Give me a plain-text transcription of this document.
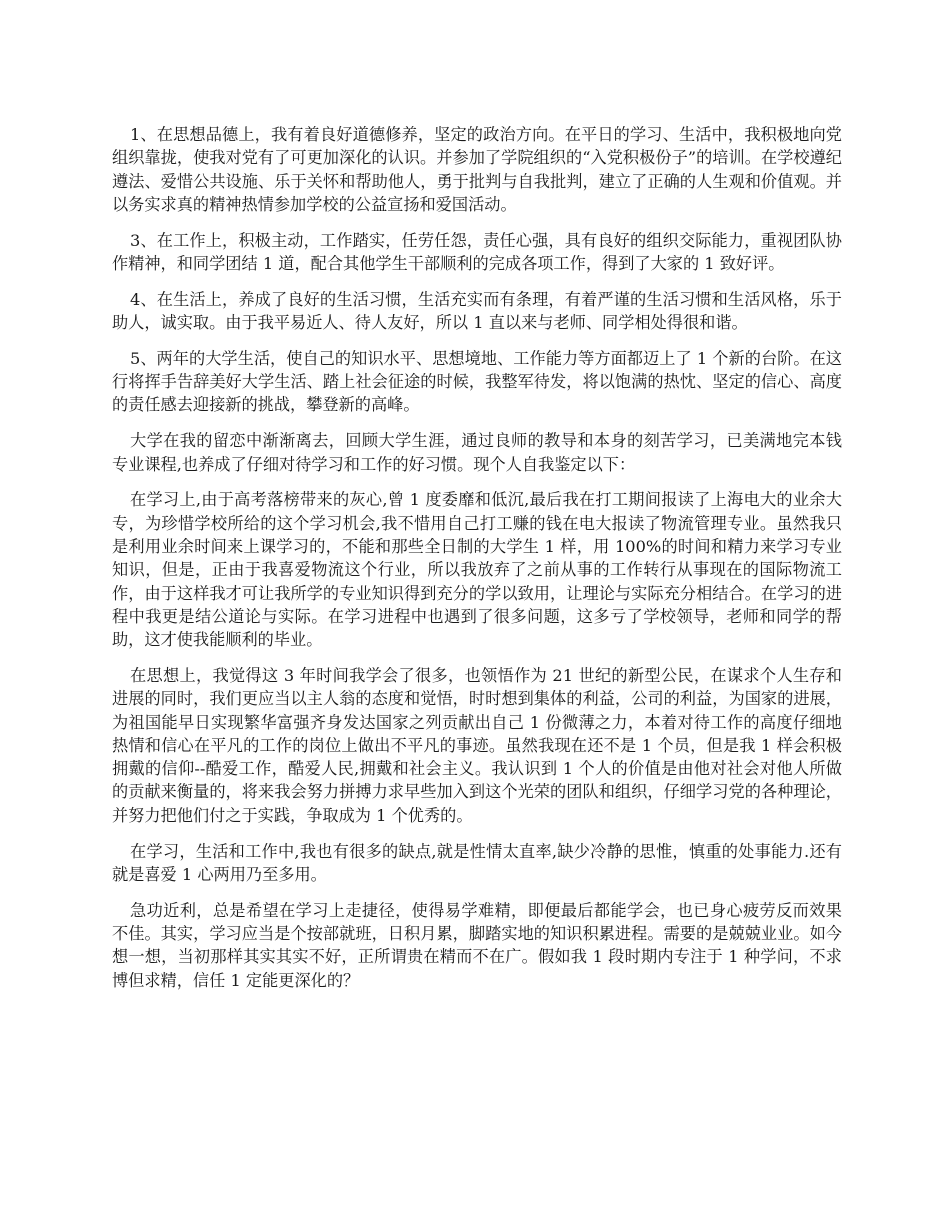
1、在思想品德上，我有着良好道德修养，坚定的政治方向。在平日的学习、生活中，我积极地向党组织靠拢，使我对党有了可更加深化的认识。并参加了学院组织的“入党积极份子”的培训。在学校遵纪遵法、爱惜公共设施、乐于关怀和帮助他人，勇于批判与自我批判，建立了正确的人生观和价值观。并以务实求真的精神热情参加学校的公益宣扬和爱国活动。

3、在工作上，积极主动，工作踏实，任劳任怨，责任心强，具有良好的组织交际能力，重视团队协作精神，和同学团结 1 道，配合其他学生干部顺利的完成各项工作，得到了大家的 1 致好评。

4、在生活上，养成了良好的生活习惯，生活充实而有条理，有着严谨的生活习惯和生活风格，乐于助人，诚实取。由于我平易近人、待人友好，所以 1 直以来与老师、同学相处得很和谐。

5、两年的大学生活，使自己的知识水平、思想境地、工作能力等方面都迈上了 1 个新的台阶。在这行将挥手告辞美好大学生活、踏上社会征途的时候，我整军待发，将以饱满的热忱、坚定的信心、高度的责任感去迎接新的挑战，攀登新的高峰。

大学在我的留恋中渐渐离去，回顾大学生涯，通过良师的教导和本身的刻苦学习，已美满地完本钱专业课程,也养成了仔细对待学习和工作的好习惯。现个人自我鉴定以下：

在学习上,由于高考落榜带来的灰心,曾 1 度委靡和低沉,最后我在打工期间报读了上海电大的业余大专，为珍惜学校所给的这个学习机会,我不惜用自己打工赚的钱在电大报读了物流管理专业。虽然我只是利用业余时间来上课学习的，不能和那些全日制的大学生 1 样，用 100%的时间和精力来学习专业知识，但是，正由于我喜爱物流这个行业，所以我放弃了之前从事的工作转行从事现在的国际物流工作，由于这样我才可让我所学的专业知识得到充分的学以致用，让理论与实际充分相结合。在学习的进程中我更是结公道论与实际。在学习进程中也遇到了很多问题，这多亏了学校领导，老师和同学的帮助，这才使我能顺利的毕业。

在思想上，我觉得这 3 年时间我学会了很多，也领悟作为 21 世纪的新型公民，在谋求个人生存和进展的同时，我们更应当以主人翁的态度和觉悟，时时想到集体的利益，公司的利益，为国家的进展，为祖国能早日实现繁华富强齐身发达国家之列贡献出自己 1 份微薄之力，本着对待工作的高度仔细地热情和信心在平凡的工作的岗位上做出不平凡的事迹。虽然我现在还不是 1 个员，但是我 1 样会积极拥戴的信仰--酷爱工作，酷爱人民,拥戴和社会主义。我认识到 1 个人的价值是由他对社会对他人所做的贡献来衡量的，将来我会努力拼搏力求早些加入到这个光荣的团队和组织，仔细学习党的各种理论，并努力把他们付之于实践，争取成为 1 个优秀的。

在学习，生活和工作中,我也有很多的缺点,就是性情太直率,缺少冷静的思惟，慎重的处事能力.还有就是喜爱 1 心两用乃至多用。

急功近利，总是希望在学习上走捷径，使得易学难精，即便最后都能学会，也已身心疲劳反而效果不佳。其实，学习应当是个按部就班，日积月累，脚踏实地的知识积累进程。需要的是兢兢业业。如今想一想，当初那样其实其实不好，正所谓贵在精而不在广。假如我 1 段时期内专注于 1 种学问，不求博但求精，信任 1 定能更深化的？
